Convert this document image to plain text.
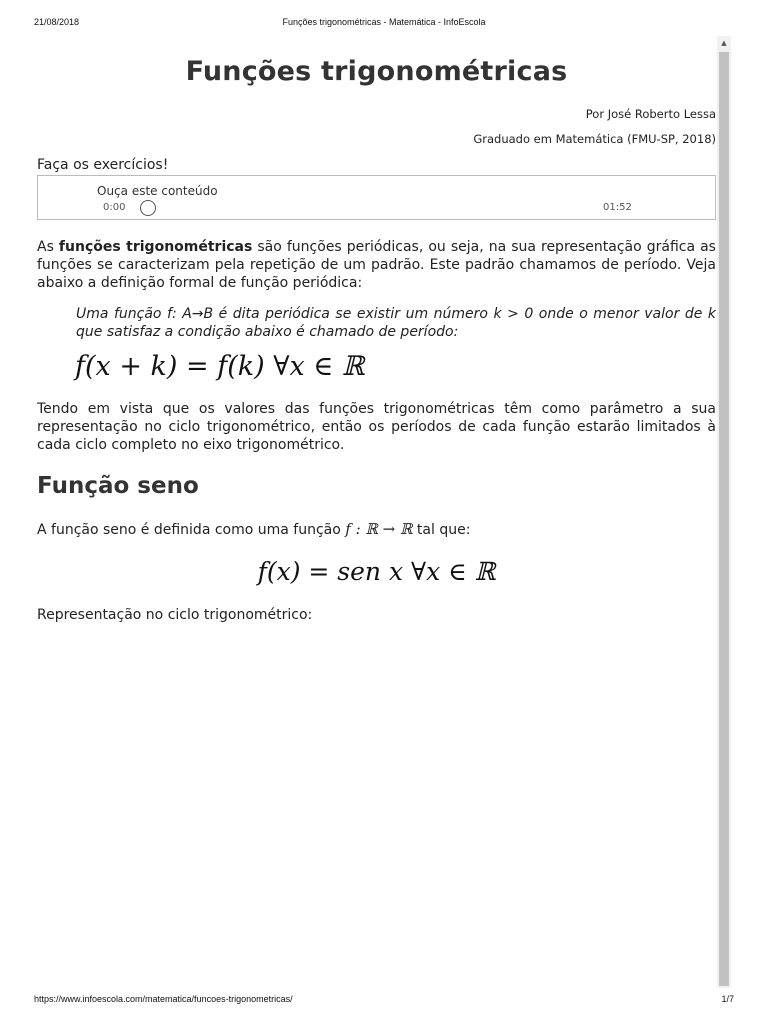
21/08/2018	Funções trigonométricas - Matemática - InfoEscola
▲
Funções trigonométricas
Por José Roberto Lessa
Graduado em Matemática (FMU-SP, 2018)
Faça os exercícios!
Ouça este conteúdo
0:00	01:52

As funções trigonométricas são funções periódicas, ou seja, na sua representação gráfica as funções se caracterizam pela repetição de um padrão. Este padrão chamamos de período. Veja abaixo a definição formal de função periódica:

Uma função f: A→B é dita periódica se existir um número k > 0 onde o menor valor de k que satisfaz a condição abaixo é chamado de período:

f(x + k) = f(k) ∀x ∈ ℝ

Tendo em vista que os valores das funções trigonométricas têm como parâmetro a sua representação no ciclo trigonométrico, então os períodos de cada função estarão limitados à cada ciclo completo no eixo trigonométrico.

Função seno

A função seno é definida como uma função f : ℝ → ℝ tal que:

f(x) = sen x ∀x ∈ ℝ

Representação no ciclo trigonométrico:

https://www.infoescola.com/matematica/funcoes-trigonometricas/	1/7
